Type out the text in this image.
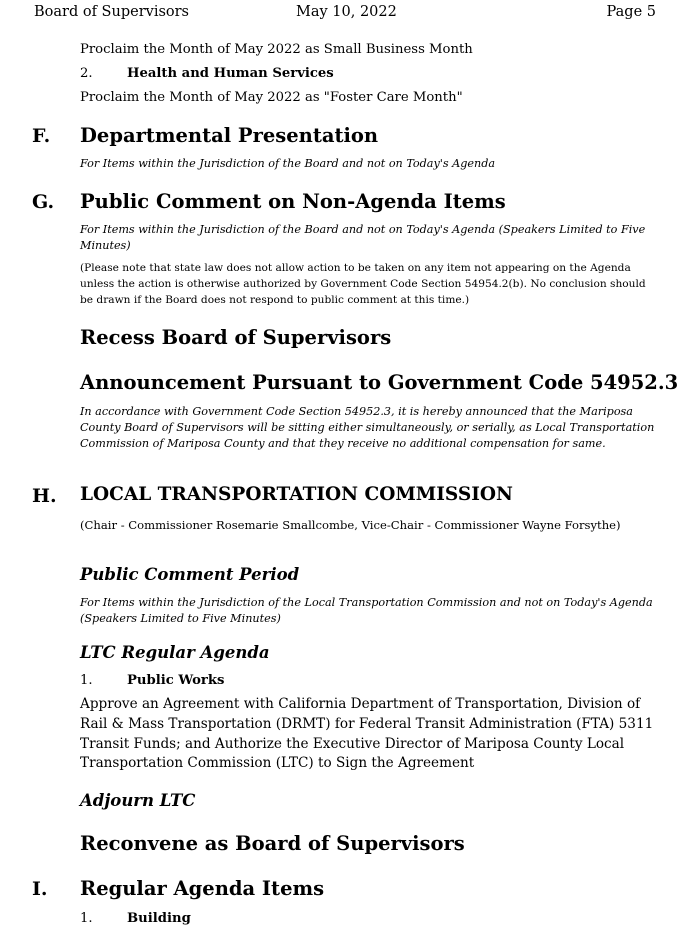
Board of Supervisors	May 10, 2022	Page 5
Proclaim the Month of May 2022 as Small Business Month
2.	Health and Human Services
Proclaim the Month of May 2022 as "Foster Care Month"
F. Departmental Presentation
For Items within the Jurisdiction of the Board and not on Today's Agenda
G. Public Comment on Non-Agenda Items
For Items within the Jurisdiction of the Board and not on Today's Agenda (Speakers Limited to Five Minutes)
(Please note that state law does not allow action to be taken on any item not appearing on the Agenda unless the action is otherwise authorized by Government Code Section 54954.2(b). No conclusion should be drawn if the Board does not respond to public comment at this time.)
Recess Board of Supervisors
Announcement Pursuant to Government Code 54952.3
In accordance with Government Code Section 54952.3, it is hereby announced that the Mariposa County Board of Supervisors will be sitting either simultaneously, or serially, as Local Transportation Commission of Mariposa County and that they receive no additional compensation for same.
H. LOCAL TRANSPORTATION COMMISSION
(Chair - Commissioner Rosemarie Smallcombe, Vice-Chair - Commissioner Wayne Forsythe)
Public Comment Period
For Items within the Jurisdiction of the Local Transportation Commission and not on Today's Agenda (Speakers Limited to Five Minutes)
LTC Regular Agenda
1.	Public Works
Approve an Agreement with California Department of Transportation, Division of Rail & Mass Transportation (DRMT) for Federal Transit Administration (FTA) 5311 Transit Funds; and Authorize the Executive Director of Mariposa County Local Transportation Commission (LTC) to Sign the Agreement
Adjourn LTC
Reconvene as Board of Supervisors
I. Regular Agenda Items
1.	Building
